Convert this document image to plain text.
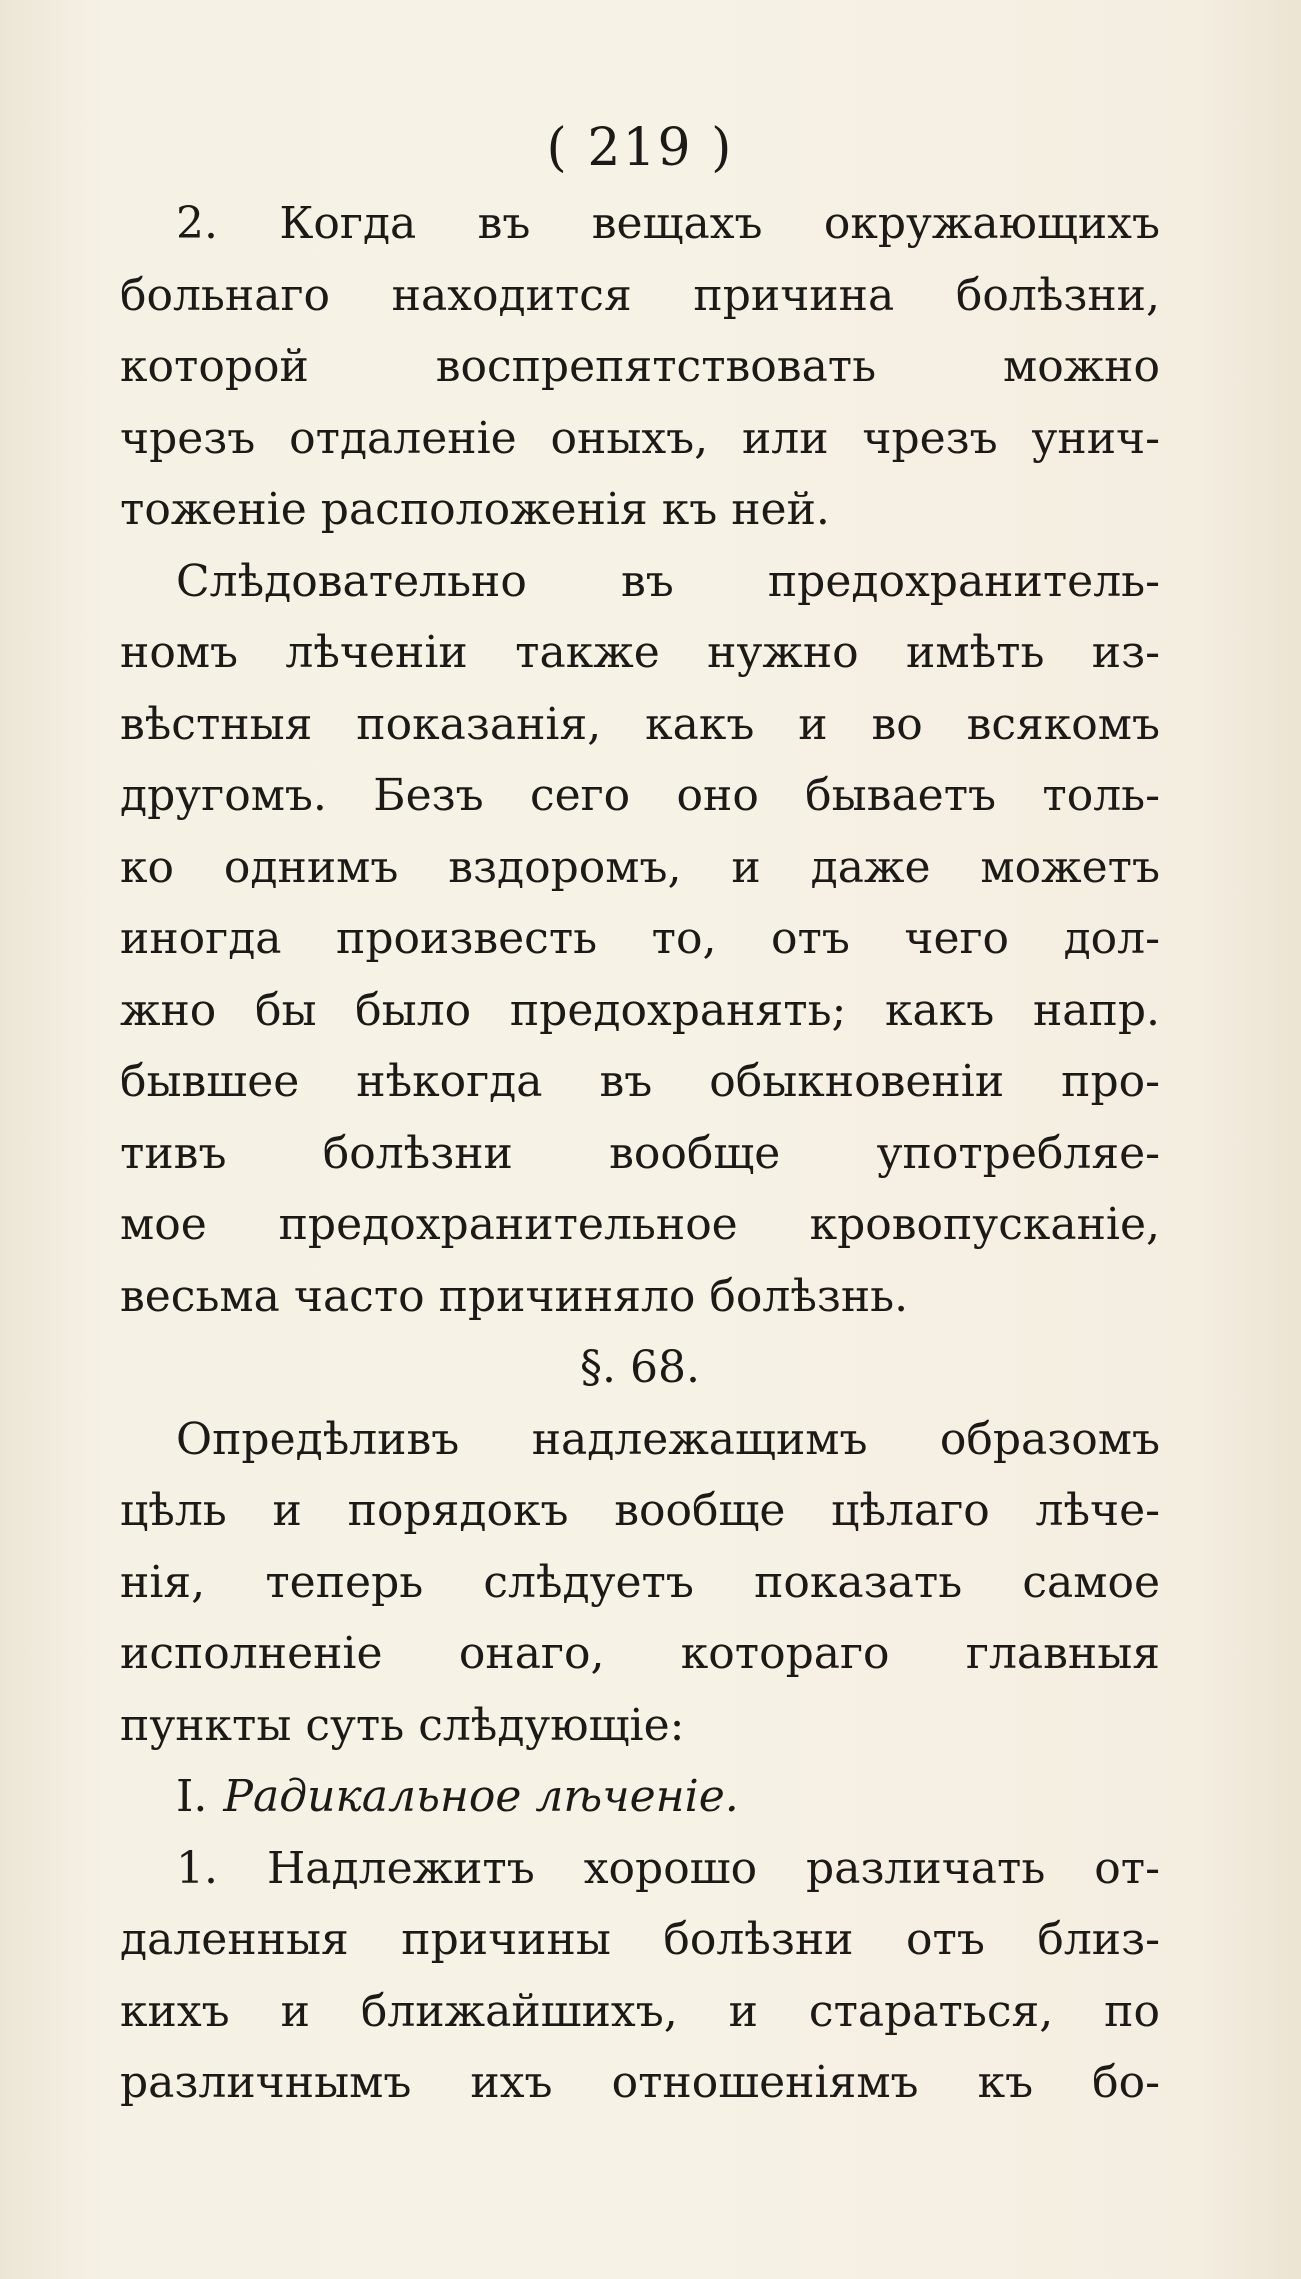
( 219 )
2. Когда въ вещахъ окружающихъ
больнаго находится причина болѣзни,
которой воспрепятствовать можно
чрезъ отдаленіе оныхъ, или чрезъ унич-
тоженіе расположенія къ ней.
Слѣдовательно въ предохранитель-
номъ лѣченіи также нужно имѣть из-
вѣстныя показанія, какъ и во всякомъ
другомъ. Безъ сего оно бываетъ толь-
ко однимъ вздоромъ, и даже можетъ
иногда произвесть то, отъ чего дол-
жно бы было предохранять; какъ напр.
бывшее нѣкогда въ обыкновеніи про-
тивъ болѣзни вообще употребляе-
мое предохранительное кровопусканіе,
весьма часто причиняло болѣзнь.
§. 68.
Опредѣливъ надлежащимъ образомъ
цѣль и порядокъ вообще цѣлаго лѣче-
нія, теперь слѣдуетъ показать самое
исполненіе онаго, котораго главныя
пункты суть слѣдующіе:
I. Радикальное лѣченіе.
1. Надлежитъ хорошо различать от-
даленныя причины болѣзни отъ близ-
кихъ и ближайшихъ, и стараться, по
различнымъ ихъ отношеніямъ къ бо-
